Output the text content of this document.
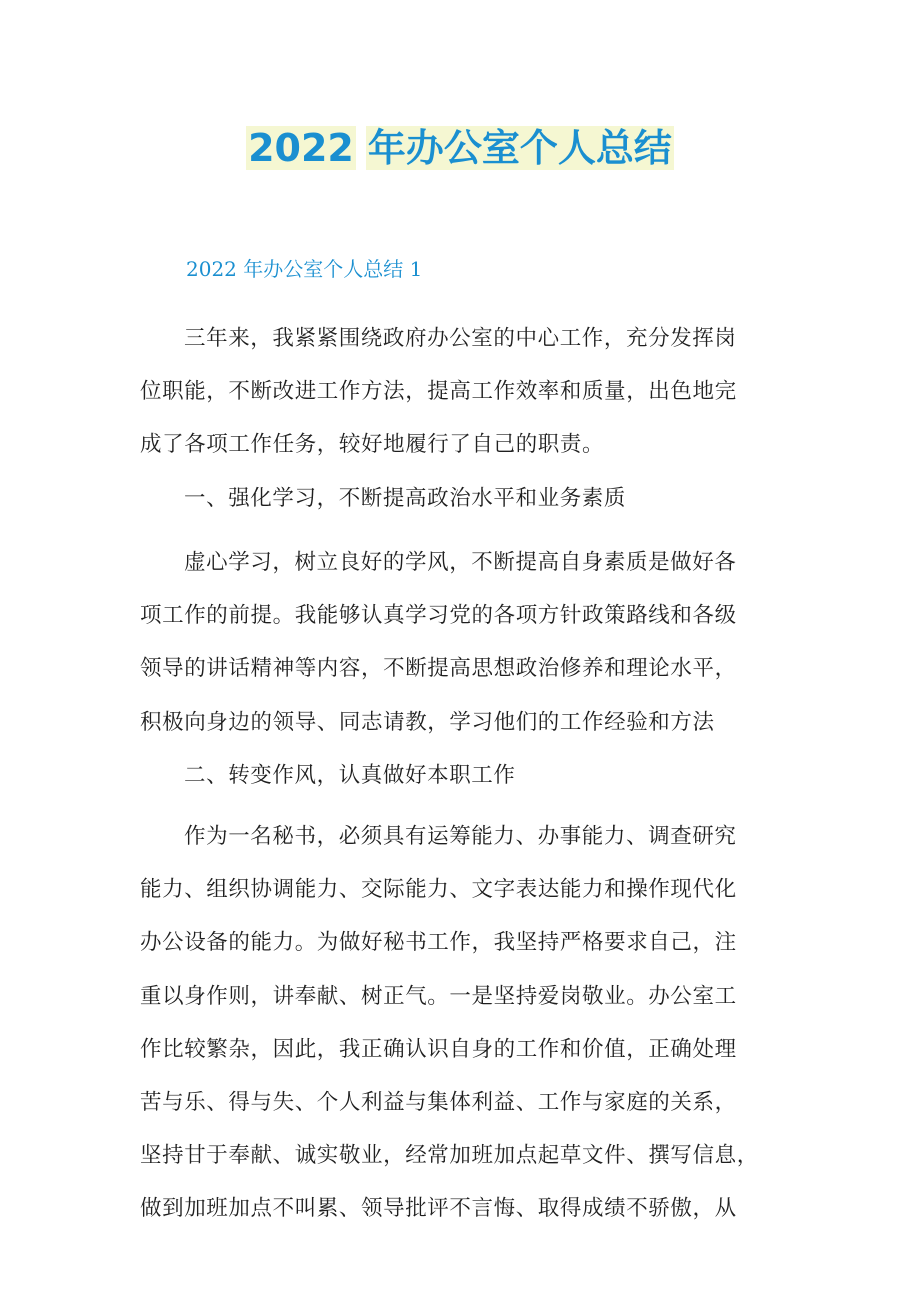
2022 年办公室个人总结
2022 年办公室个人总结 1

三年来，我紧紧围绕政府办公室的中心工作，充分发挥岗
位职能，不断改进工作方法，提高工作效率和质量，出色地完
成了各项工作任务，较好地履行了自己的职责。

一、强化学习，不断提高政治水平和业务素质

虚心学习，树立良好的学风，不断提高自身素质是做好各
项工作的前提。我能够认真学习党的各项方针政策路线和各级
领导的讲话精神等内容，不断提高思想政治修养和理论水平，
积极向身边的领导、同志请教，学习他们的工作经验和方法

二、转变作风，认真做好本职工作

作为一名秘书，必须具有运筹能力、办事能力、调查研究
能力、组织协调能力、交际能力、文字表达能力和操作现代化
办公设备的能力。为做好秘书工作，我坚持严格要求自己，注
重以身作则，讲奉献、树正气。一是坚持爱岗敬业。办公室工
作比较繁杂，因此，我正确认识自身的工作和价值，正确处理
苦与乐、得与失、个人利益与集体利益、工作与家庭的关系，
坚持甘于奉献、诚实敬业，经常加班加点起草文件、撰写信息，
做到加班加点不叫累、领导批评不言悔、取得成绩不骄傲，从
